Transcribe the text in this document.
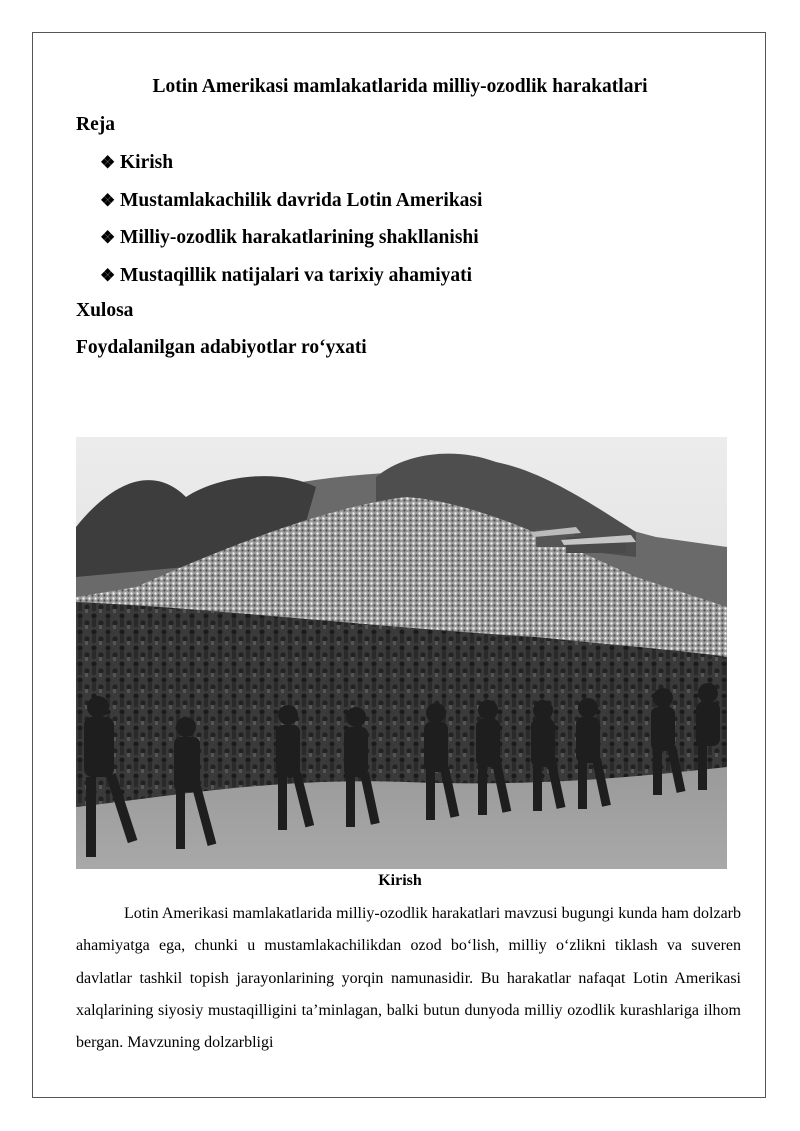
Lotin Amerikasi mamlakatlarida milliy-ozodlik harakatlari
Reja
❖ Kirish
❖ Mustamlakachilik davrida Lotin Amerikasi
❖ Milliy-ozodlik harakatlarining shakllanishi
❖ Mustaqillik natijalari va tarixiy ahamiyati
Xulosa
Foydalanilgan adabiyotlar ro‘yxati
Kirish

Lotin Amerikasi mamlakatlarida milliy-ozodlik harakatlari mavzusi bugungi kunda ham dolzarb ahamiyatga ega, chunki u mustamlakachilikdan ozod bo‘lish, milliy o‘zlikni tiklash va suveren davlatlar tashkil topish jarayonlarining yorqin namunasidir. Bu harakatlar nafaqat Lotin Amerikasi xalqlarining siyosiy mustaqilligini ta’minlagan, balki butun dunyoda milliy ozodlik kurashlariga ilhom bergan. Mavzuning dolzarbligi
